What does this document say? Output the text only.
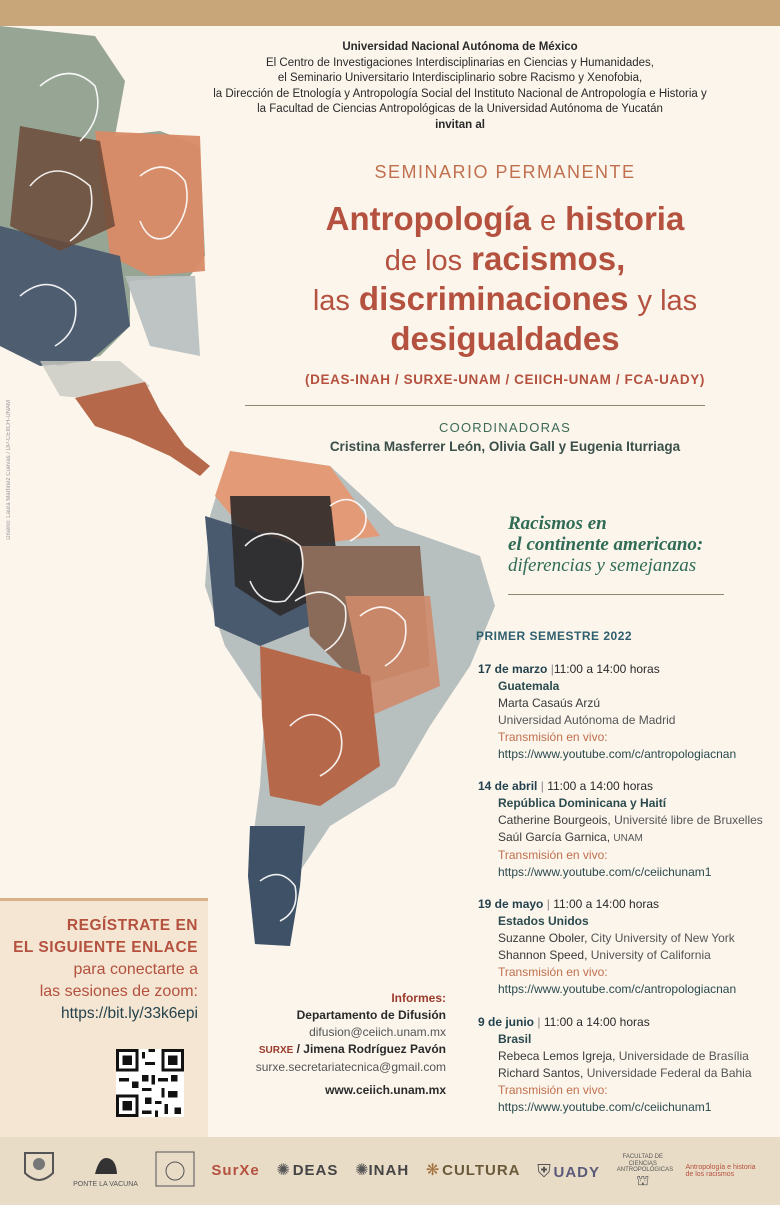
Diseño: Laura Martínez Cuevas / DP-CEIICH-UNAM
Universidad Nacional Autónoma de México
El Centro de Investigaciones Interdisciplinarias en Ciencias y Humanidades,
el Seminario Universitario Interdisciplinario sobre Racismo y Xenofobia,
la Dirección de Etnología y Antropología Social del Instituto Nacional de Antropología e Historia y
la Facultad de Ciencias Antropológicas de la Universidad Autónoma de Yucatán
invitan al
SEMINARIO PERMANENTE
Antropología e historia
de los racismos,
las discriminaciones y las
desigualdades
(DEAS-INAH / SURXE-UNAM / CEIICH-UNAM / FCA-UADY)
COORDINADORAS
Cristina Masferrer León, Olivia Gall y Eugenia Iturriaga
Racismos en
el continente americano:
diferencias y semejanzas
PRIMER SEMESTRE 2022
17 de marzo |11:00 a 14:00 horas
Guatemala
Marta Casaús Arzú
Universidad Autónoma de Madrid
Transmisión en vivo:
https://www.youtube.com/c/antropologiacnan
14 de abril | 11:00 a 14:00 horas
República Dominicana y Haití
Catherine Bourgeois, Université libre de Bruxelles
Saúl García Garnica, UNAM
Transmisión en vivo:
https://www.youtube.com/c/ceiichunam1
19 de mayo | 11:00 a 14:00 horas
Estados Unidos
Suzanne Oboler, City University of New York
Shannon Speed, University of California
Transmisión en vivo:
https://www.youtube.com/c/antropologiacnan
9 de junio | 11:00 a 14:00 horas
Brasil
Rebeca Lemos Igreja, Universidade de Brasília
Richard Santos, Universidade Federal da Bahia
Transmisión en vivo:
https://www.youtube.com/c/ceiichunam1
REGÍSTRATE EN
EL SIGUIENTE ENLACE
para conectarte a
las sesiones de zoom:
https://bit.ly/33k6epi
Informes:
Departamento de Difusión
difusion@ceiich.unam.mx
SURXE / Jimena Rodríguez Pavón
surxe.secretariatecnica@gmail.com
www.ceiich.unam.mx
PONTE LA VACUNA
SurXe ✺ DEAS ✺INAH ❋ CULTURA ⛨ UADY
FACULTAD DE CIENCIAS ANTROPOLÓGICAS
⛫
Antropología e historia de los racismos
